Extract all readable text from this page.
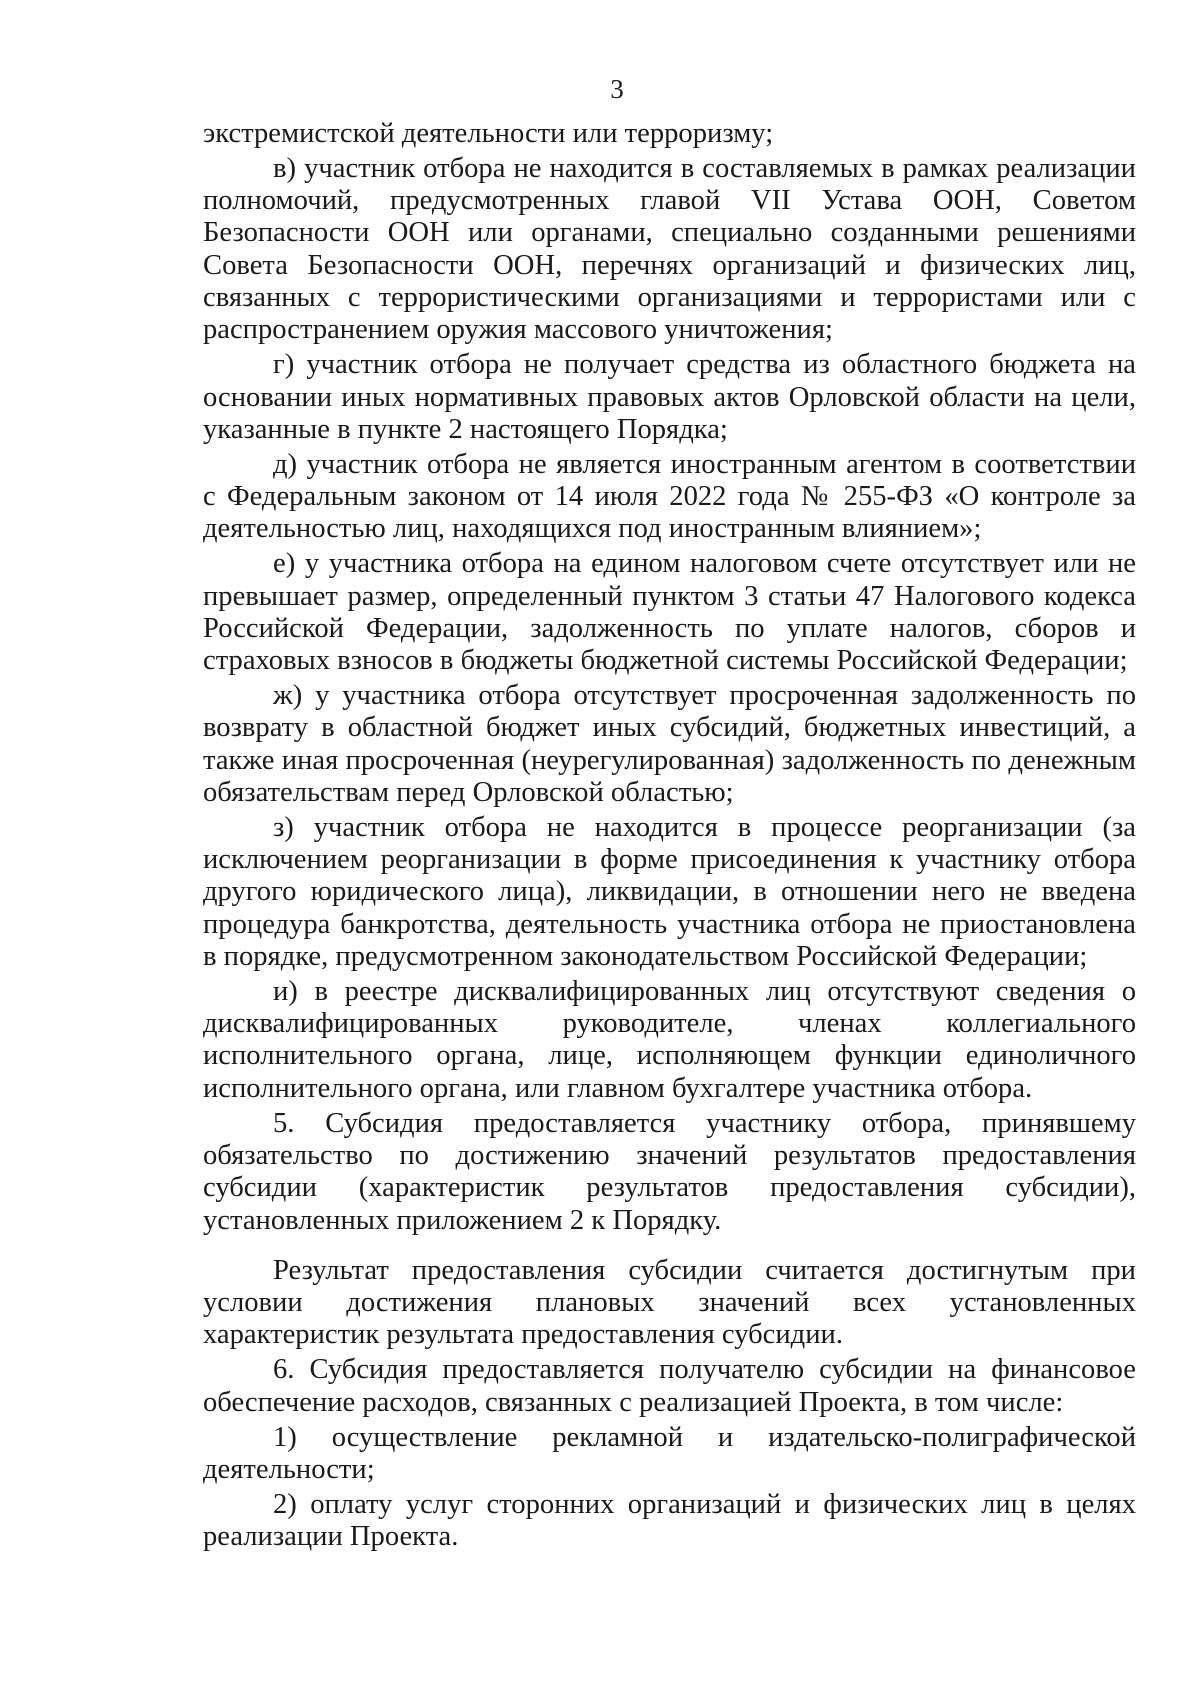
3

экстремистской деятельности или терроризму;

в) участник отбора не находится в составляемых в рамках реализации полномочий, предусмотренных главой VII Устава ООН, Советом Безопасности ООН или органами, специально созданными решениями Совета Безопасности ООН, перечнях организаций и физических лиц, связанных с террористическими организациями и террористами или с распространением оружия массового уничтожения;

г) участник отбора не получает средства из областного бюджета на основании иных нормативных правовых актов Орловской области на цели, указанные в пункте 2 настоящего Порядка;

д) участник отбора не является иностранным агентом в соответствии с Федеральным законом от 14 июля 2022 года № 255-ФЗ «О контроле за деятельностью лиц, находящихся под иностранным влиянием»;

е) у участника отбора на едином налоговом счете отсутствует или не превышает размер, определенный пунктом 3 статьи 47 Налогового кодекса Российской Федерации, задолженность по уплате налогов, сборов и страховых взносов в бюджеты бюджетной системы Российской Федерации;

ж) у участника отбора отсутствует просроченная задолженность по возврату в областной бюджет иных субсидий, бюджетных инвестиций, а также иная просроченная (неурегулированная) задолженность по денежным обязательствам перед Орловской областью;

з) участник отбора не находится в процессе реорганизации (за исключением реорганизации в форме присоединения к участнику отбора другого юридического лица), ликвидации, в отношении него не введена процедура банкротства, деятельность участника отбора не приостановлена в порядке, предусмотренном законодательством Российской Федерации;

и) в реестре дисквалифицированных лиц отсутствуют сведения о дисквалифицированных руководителе, членах коллегиального исполнительного органа, лице, исполняющем функции единоличного исполнительного органа, или главном бухгалтере участника отбора.

5. Субсидия предоставляется участнику отбора, принявшему обязательство по достижению значений результатов предоставления субсидии (характеристик результатов предоставления субсидии), установленных приложением 2 к Порядку.

Результат предоставления субсидии считается достигнутым при условии достижения плановых значений всех установленных характеристик результата предоставления субсидии.

6. Субсидия предоставляется получателю субсидии на финансовое обеспечение расходов, связанных с реализацией Проекта, в том числе:

1) осуществление рекламной и издательско-полиграфической деятельности;

2) оплату услуг сторонних организаций и физических лиц в целях реализации Проекта.
